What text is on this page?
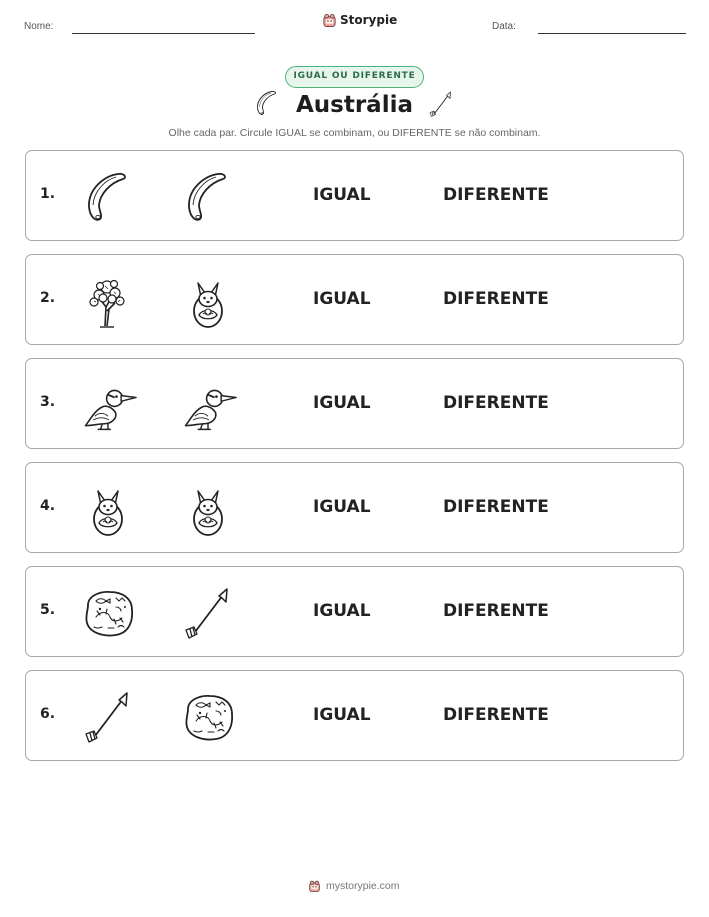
Nome:	Storypie	Data:
IGUAL OU DIFERENTE
Austrália
Olhe cada par. Circule IGUAL se combinam, ou DIFERENTE se não combinam.
1.	IGUAL	DIFERENTE
2.	IGUAL	DIFERENTE
3.	IGUAL	DIFERENTE
4.	IGUAL	DIFERENTE
5.	IGUAL	DIFERENTE
6.	IGUAL	DIFERENTE
mystorypie.com
